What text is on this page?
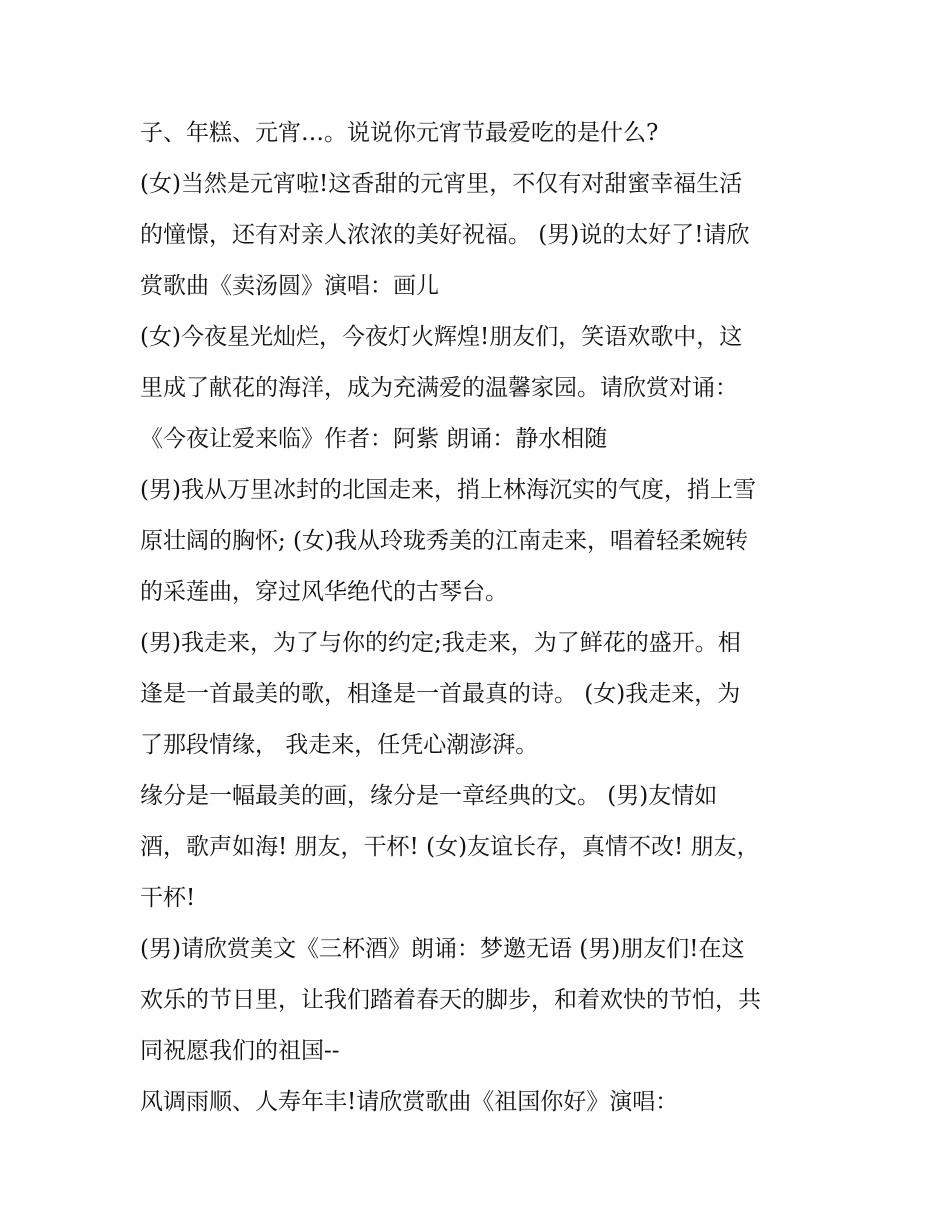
子、年糕、元宵…。说说你元宵节最爱吃的是什么?

(女)当然是元宵啦!这香甜的元宵里，不仅有对甜蜜幸福生活

的憧憬，还有对亲人浓浓的美好祝福。 (男)说的太好了!请欣

赏歌曲《卖汤圆》演唱：画儿

(女)今夜星光灿烂，今夜灯火辉煌!朋友们，笑语欢歌中，这

里成了献花的海洋，成为充满爱的温馨家园。请欣赏对诵：

《今夜让爱来临》作者：阿紫 朗诵：静水相随

(男)我从万里冰封的北国走来，捎上林海沉实的气度，捎上雪

原壮阔的胸怀; (女)我从玲珑秀美的江南走来，唱着轻柔婉转

的采莲曲，穿过风华绝代的古琴台。

(男)我走来，为了与你的约定;我走来，为了鲜花的盛开。相

逢是一首最美的歌，相逢是一首最真的诗。 (女)我走来，为

了那段情缘， 我走来，任凭心潮澎湃。

缘分是一幅最美的画，缘分是一章经典的文。 (男)友情如

酒，歌声如海! 朋友，干杯! (女)友谊长存，真情不改! 朋友，

干杯!

(男)请欣赏美文《三杯酒》朗诵：梦邀无语 (男)朋友们!在这

欢乐的节日里，让我们踏着春天的脚步，和着欢快的节怕，共

同祝愿我们的祖国--

风调雨顺、人寿年丰!请欣赏歌曲《祖国你好》演唱：
